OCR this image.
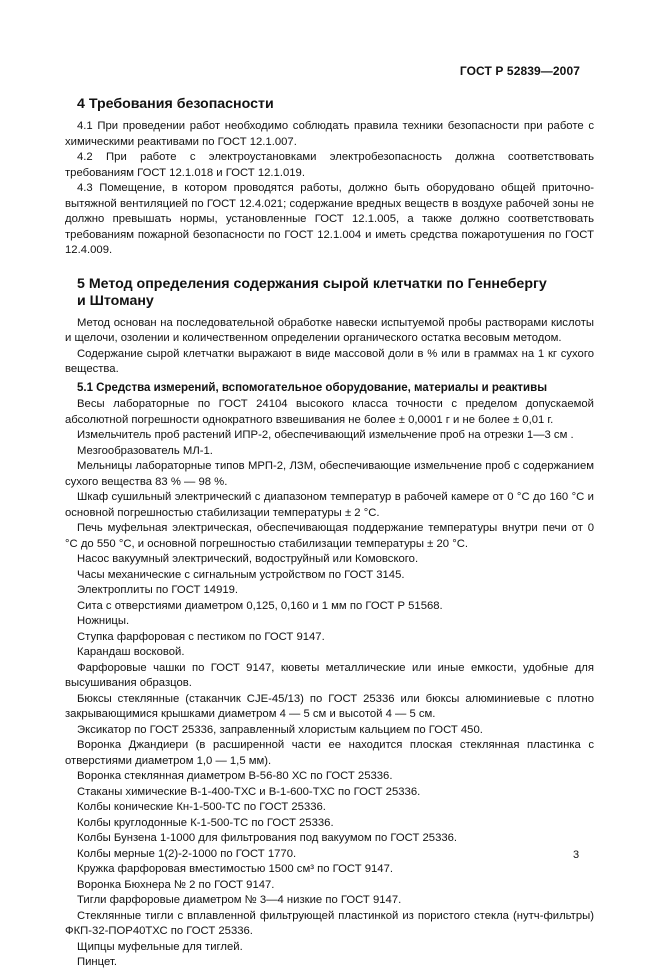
ГОСТ Р 52839—2007
4 Требования безопасности

4.1 При проведении работ необходимо соблюдать правила техники безопасности при работе с химическими реактивами по ГОСТ 12.1.007.

4.2 При работе с электроустановками электробезопасность должна соответствовать требованиям ГОСТ 12.1.018 и ГОСТ 12.1.019.

4.3 Помещение, в котором проводятся работы, должно быть оборудовано общей приточно-вытяжной вентиляцией по ГОСТ 12.4.021; содержание вредных веществ в воздухе рабочей зоны не должно превышать нормы, установленные ГОСТ 12.1.005, а также должно соответствовать требованиям пожарной безопасности по ГОСТ 12.1.004 и иметь средства пожаротушения по ГОСТ 12.4.009.

5 Метод определения содержания сырой клетчатки по Геннебергу
и Штоману

Метод основан на последовательной обработке навески испытуемой пробы растворами кислоты и щелочи, озолении и количественном определении органического остатка весовым методом.

Содержание сырой клетчатки выражают в виде массовой доли в % или в граммах на 1 кг сухого вещества.

5.1 Средства измерений, вспомогательное оборудование, материалы и реактивы

Весы лабораторные по ГОСТ 24104 высокого класса точности с пределом допускаемой абсолютной погрешности однократного взвешивания не более ± 0,0001 г и не более ± 0,01 г.

Измельчитель проб растений ИПР-2, обеспечивающий измельчение проб на отрезки 1—3 см .

Мезгообразователь МЛ-1.

Мельницы лабораторные типов МРП-2, ЛЗМ, обеспечивающие измельчение проб с содержанием сухого вещества 83 % — 98 %.

Шкаф сушильный электрический с диапазоном температур в рабочей камере от 0 °С до 160 °С и основной погрешностью стабилизации температуры ± 2 °С.

Печь муфельная электрическая, обеспечивающая поддержание температуры внутри печи от 0 °С до 550 °С, и основной погрешностью стабилизации температуры ± 20 °С.

Насос вакуумный электрический, водоструйный или Комовского.

Часы механические с сигнальным устройством по ГОСТ 3145.

Электроплиты по ГОСТ 14919.

Сита с отверстиями диаметром 0,125, 0,160 и 1 мм по ГОСТ Р 51568.

Ножницы.

Ступка фарфоровая с пестиком по ГОСТ 9147.

Карандаш восковой.

Фарфоровые чашки по ГОСТ 9147, кюветы металлические или иные емкости, удобные для высушивания образцов.

Бюксы стеклянные (стаканчик CJE-45/13) по ГОСТ 25336 или бюксы алюминиевые с плотно закрывающимися крышками диаметром 4 — 5 см и высотой 4 — 5 см.

Эксикатор по ГОСТ 25336, заправленный хлористым кальцием по ГОСТ 450.

Воронка Джандиери (в расширенной части ее находится плоская стеклянная пластинка с отверстиями диаметром 1,0 — 1,5 мм).

Воронка стеклянная диаметром В-56-80 ХС по ГОСТ 25336.

Стаканы химические В-1-400-ТХС и В-1-600-ТХС по ГОСТ 25336.

Колбы конические Кн-1-500-ТС по ГОСТ 25336.

Колбы круглодонные К-1-500-ТС по ГОСТ 25336.

Колбы Бунзена 1-1000 для фильтрования под вакуумом по ГОСТ 25336.

Колбы мерные 1(2)-2-1000 по ГОСТ 1770.

Кружка фарфоровая вместимостью 1500 см³ по ГОСТ 9147.

Воронка Бюхнера № 2 по ГОСТ 9147.

Тигли фарфоровые диаметром № 3—4 низкие по ГОСТ 9147.

Стеклянные тигли с вплавленной фильтрующей пластинкой из пористого стекла (нутч-фильтры) ФКП-32-ПОР40ТХС по ГОСТ 25336.

Щипцы муфельные для тиглей.

Пинцет.

3
